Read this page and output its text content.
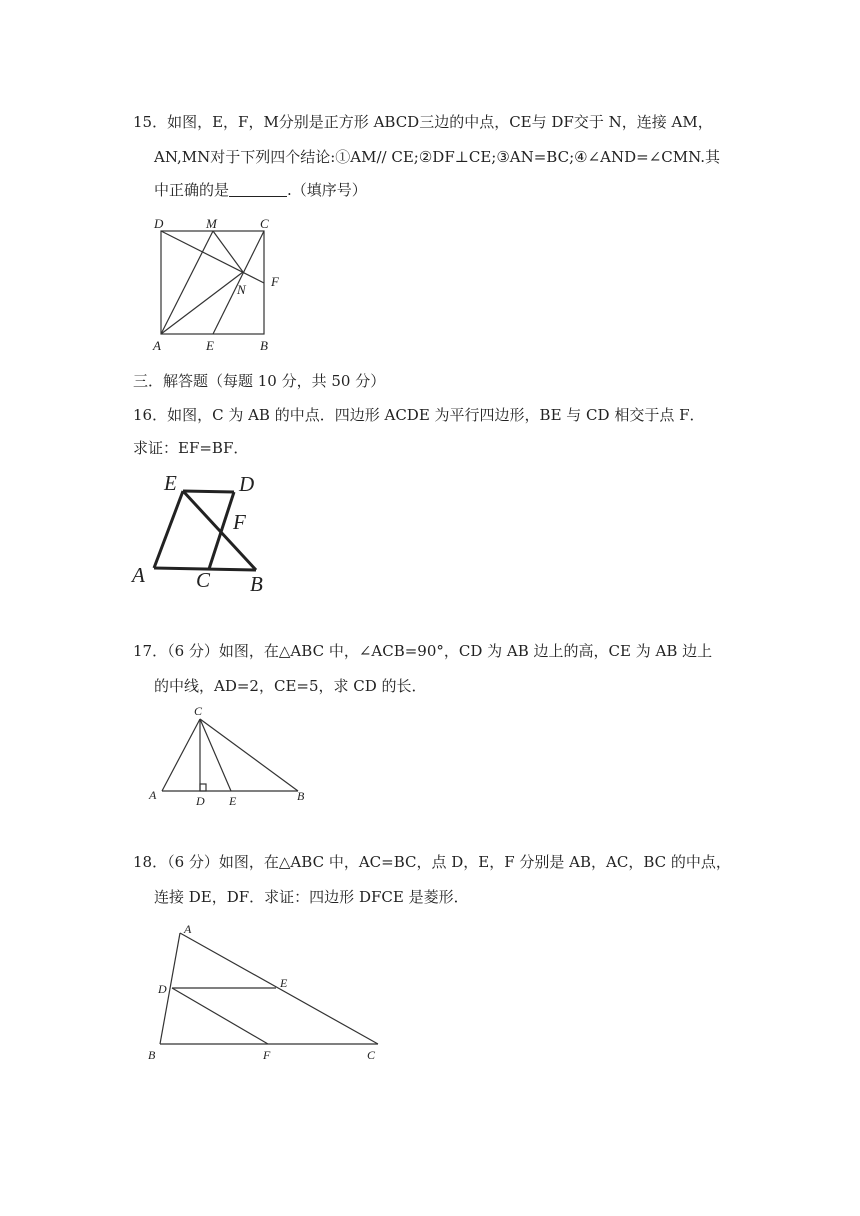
15．如图，E，F，M分别是正方形 ABCD三边的中点，CE与 DF交于 N，连接 AM，
AN,MN对于下列四个结论:①AM// CE;②DF⊥CE;③AN=BC;④∠AND=∠CMN.其
中正确的是	.（填序号）
D	M	C
F
N
A	E	B
三．解答题（每题 10 分，共 50 分）
16．如图，C 为 AB 的中点．四边形 ACDE 为平行四边形，BE 与 CD 相交于点 F．
求证：EF=BF．
E	D
F
A C B
17．（6 分）如图，在△ABC 中，∠ACB=90°，CD 为 AB 边上的高，CE 为 AB 边上
的中线，AD=2，CE=5，求 CD 的长．
C
A	D E	B
18．（6 分）如图，在△ABC 中，AC=BC，点 D，E，F 分别是 AB，AC，BC 的中点，
连接 DE，DF．求证：四边形 DFCE 是菱形．
A
E
D
B	F	C
